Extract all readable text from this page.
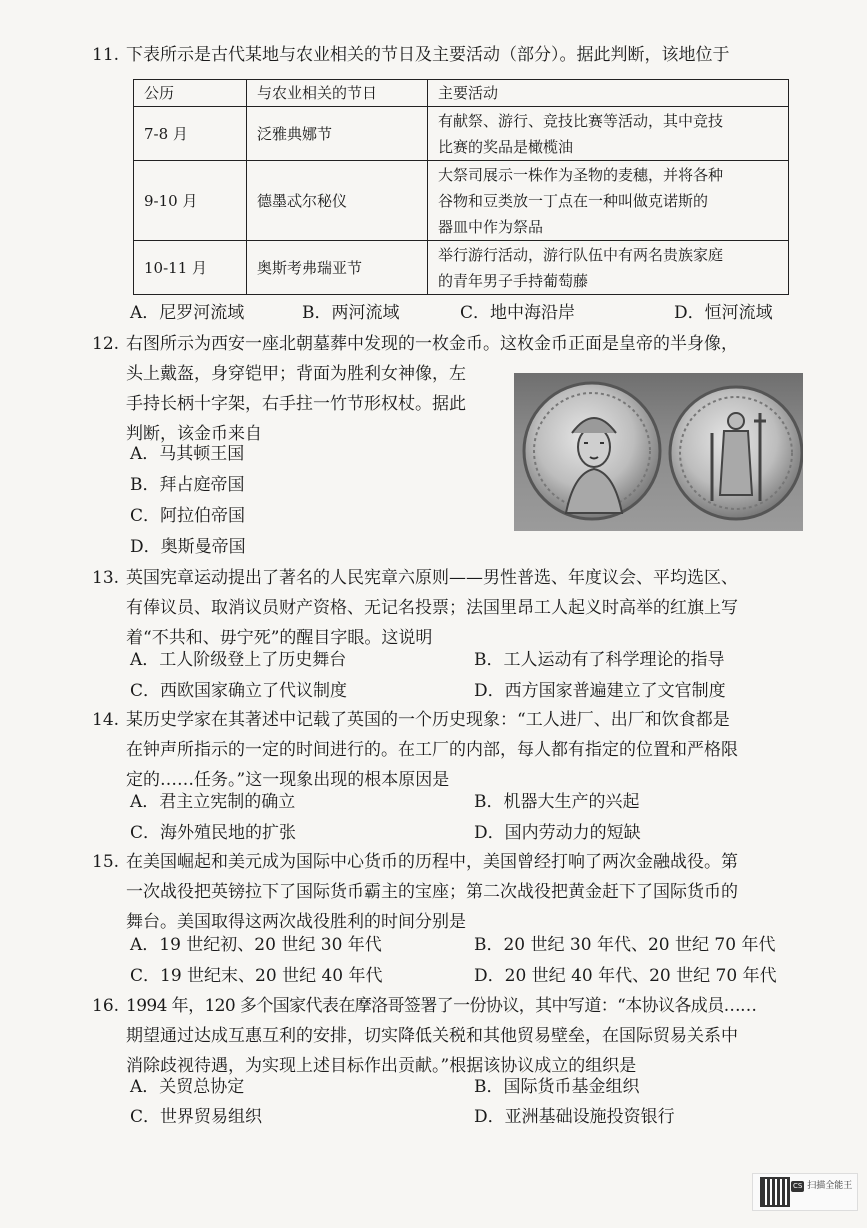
11. 下表所示是古代某地与农业相关的节日及主要活动（部分）。据此判断，该地位于
公历	与农业相关的节日	主要活动
7-8 月	泛雅典娜节	有献祭、游行、竞技比赛等活动，其中竞技
比赛的奖品是橄榄油

9-10 月	德墨忒尔秘仪	大祭司展示一株作为圣物的麦穗，并将各种
谷物和豆类放一丁点在一种叫做克诺斯的
器皿中作为祭品

10-11 月	奥斯考弗瑞亚节	举行游行活动，游行队伍中有两名贵族家庭
的青年男子手持葡萄藤
A．尼罗河流域	B．两河流域	C．地中海沿岸	D．恒河流域
12. 右图所示为西安一座北朝墓葬中发现的一枚金币。这枚金币正面是皇帝的半身像，
头上戴盔，身穿铠甲；背面为胜利女神像，左
手持长柄十字架，右手拄一竹节形权杖。据此
判断，该金币来自
A．马其顿王国
B．拜占庭帝国
C．阿拉伯帝国
D．奥斯曼帝国
13. 英国宪章运动提出了著名的人民宪章六原则——男性普选、年度议会、平均选区、
有俸议员、取消议员财产资格、无记名投票；法国里昂工人起义时高举的红旗上写
着“不共和、毋宁死”的醒目字眼。这说明
A．工人阶级登上了历史舞台	B．工人运动有了科学理论的指导
C．西欧国家确立了代议制度	D．西方国家普遍建立了文官制度
14. 某历史学家在其著述中记载了英国的一个历史现象：“工人进厂、出厂和饮食都是
在钟声所指示的一定的时间进行的。在工厂的内部，每人都有指定的位置和严格限
定的……任务。”这一现象出现的根本原因是
A．君主立宪制的确立	B．机器大生产的兴起
C．海外殖民地的扩张	D．国内劳动力的短缺
15. 在美国崛起和美元成为国际中心货币的历程中，美国曾经打响了两次金融战役。第
一次战役把英镑拉下了国际货币霸主的宝座；第二次战役把黄金赶下了国际货币的
舞台。美国取得这两次战役胜利的时间分别是
A．19 世纪初、20 世纪 30 年代	B．20 世纪 30 年代、20 世纪 70 年代
C．19 世纪末、20 世纪 40 年代	D．20 世纪 40 年代、20 世纪 70 年代
16. 1994 年，120 多个国家代表在摩洛哥签署了一份协议，其中写道：“本协议各成员……
期望通过达成互惠互利的安排，切实降低关税和其他贸易壁垒，在国际贸易关系中
消除歧视待遇，为实现上述目标作出贡献。”根据该协议成立的组织是
A．关贸总协定	B．国际货币基金组织
C．世界贸易组织	D．亚洲基础设施投资银行
CS 扫描全能王
